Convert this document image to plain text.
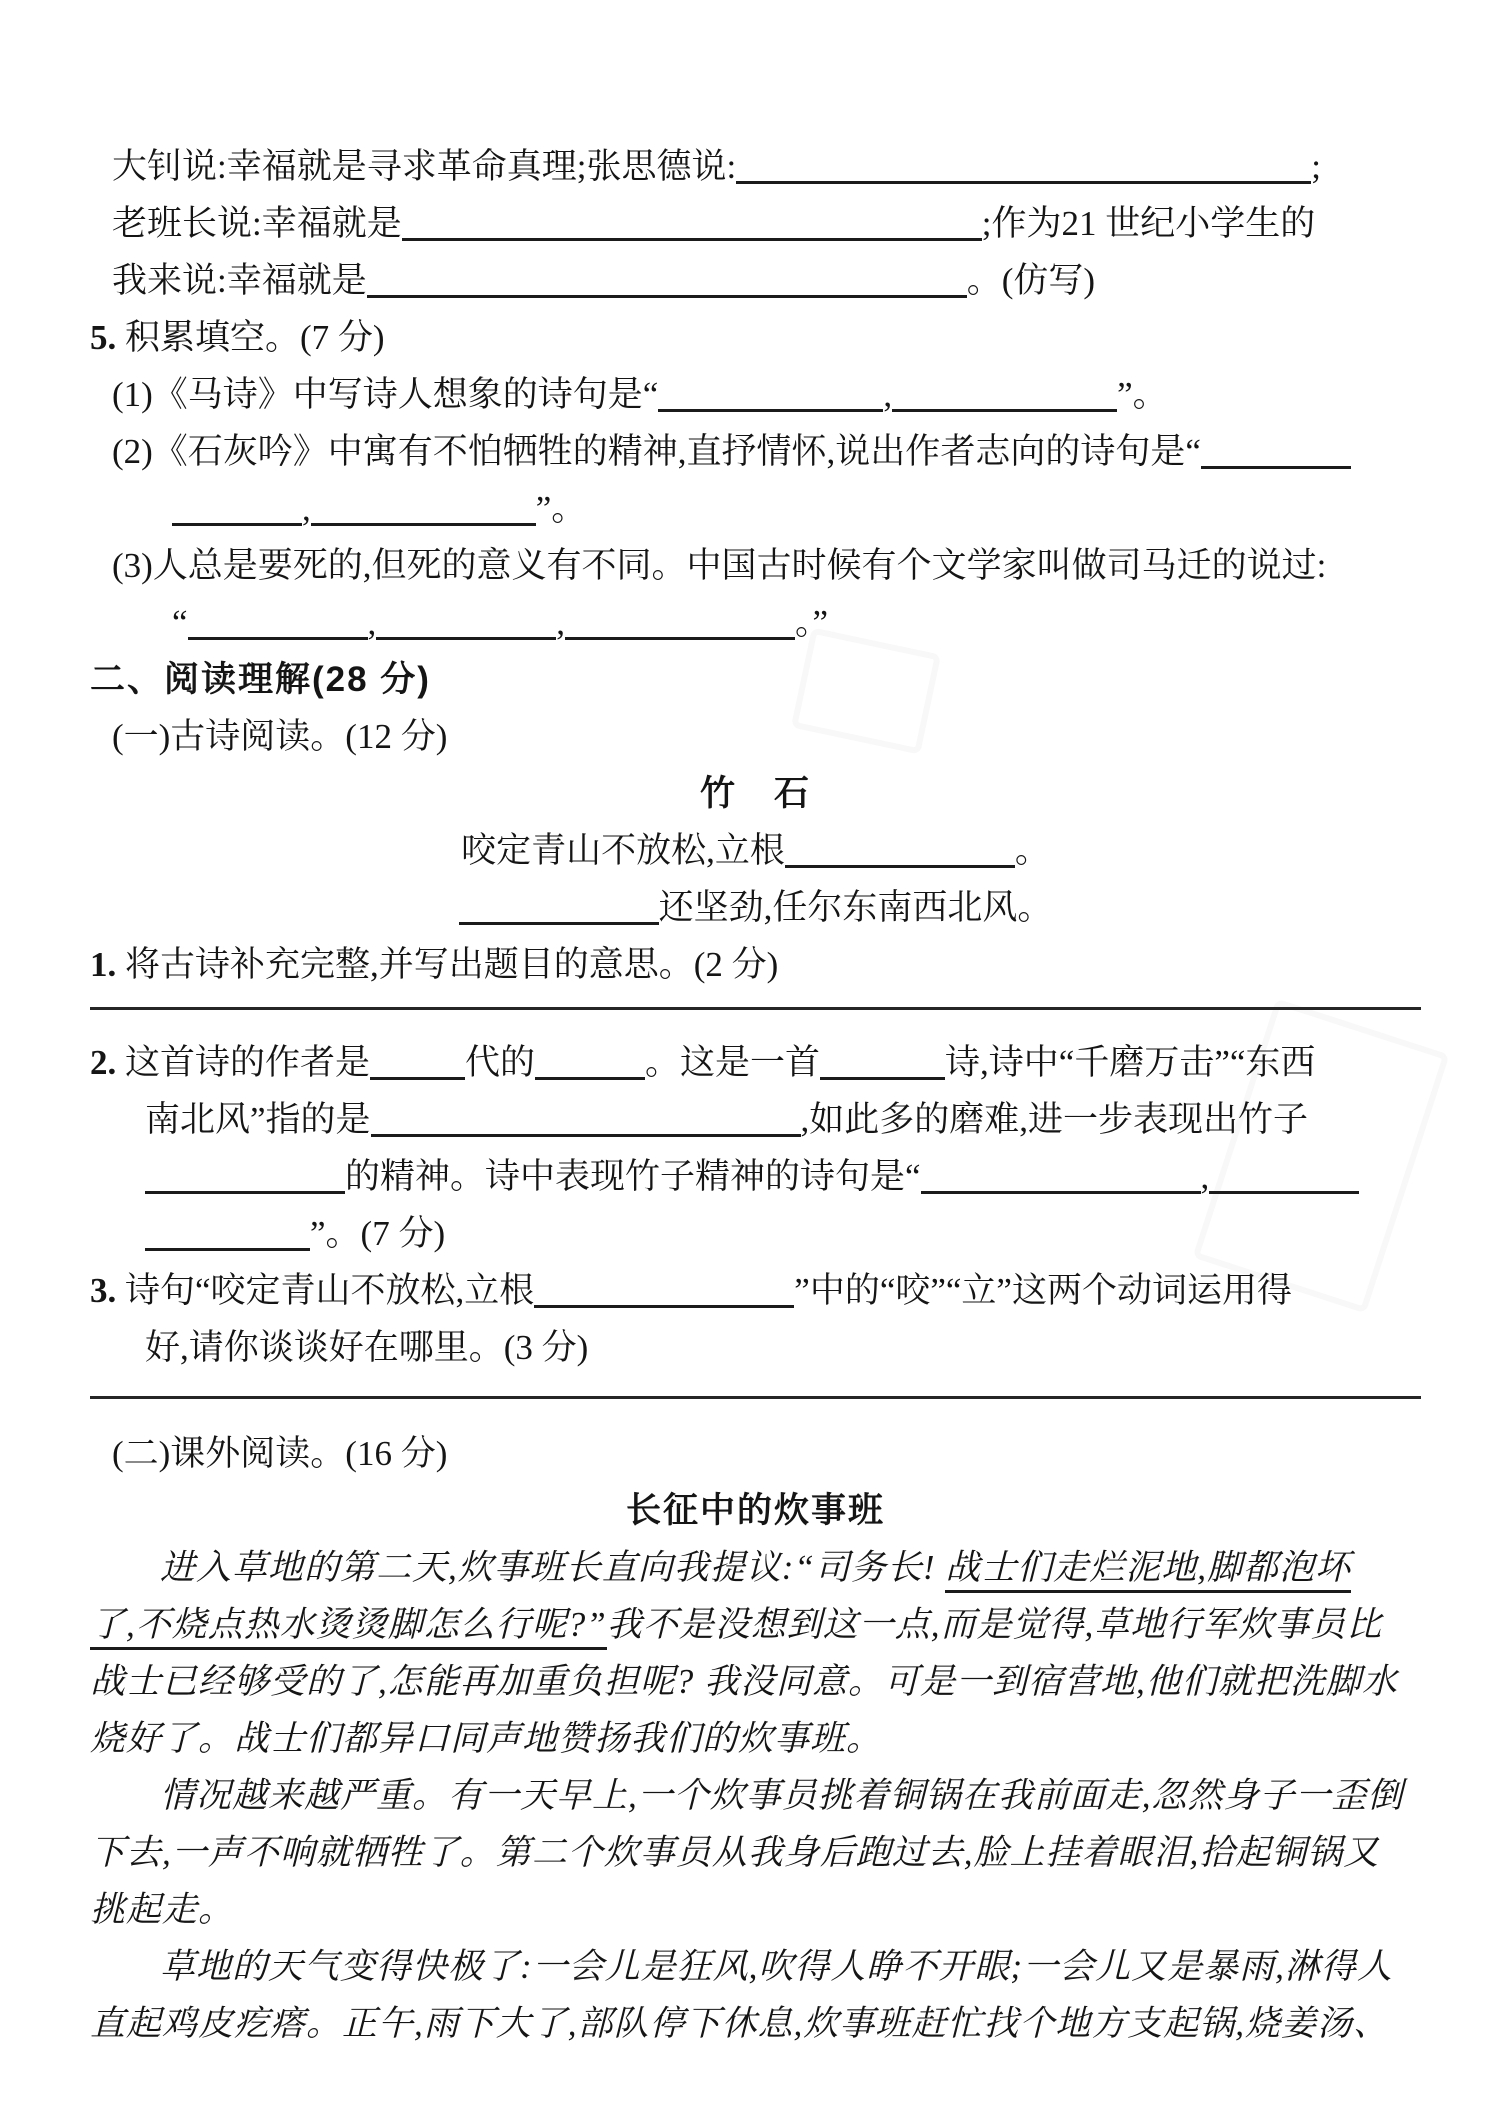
大钊说:幸福就是寻求革命真理;张思德说:	;
老班长说:幸福就是	;作为21 世纪小学生的
我来说:幸福就是	。(仿写)
5. 积累填空。(7 分)
(1)《马诗》中写诗人想象的诗句是“	,	”。
(2)《石灰吟》中寓有不怕牺牲的精神,直抒情怀,说出作者志向的诗句是“
,	”。
(3)人总是要死的,但死的意义有不同。中国古时候有个文学家叫做司马迁的说过:
“	,	,	。”
二、阅读理解(28 分)
(一)古诗阅读。(12 分)
竹　石
咬定青山不放松,立根	。
还坚劲,任尔东南西北风。
1. 将古诗补充完整,并写出题目的意思。(2 分)
2. 这首诗的作者是	代的	。这是一首	诗,诗中“千磨万击”“东西
南北风”指的是	,如此多的磨难,进一步表现出竹子
的精神。诗中表现竹子精神的诗句是“	,
”。(7 分)
3. 诗句“咬定青山不放松,立根	”中的“咬”“立”这两个动词运用得
好,请你谈谈好在哪里。(3 分)
(二)课外阅读。(16 分)
长征中的炊事班
进入草地的第二天,炊事班长直向我提议:“司务长! 战士们走烂泥地,脚都泡坏
了,不烧点热水烫烫脚怎么行呢?”我不是没想到这一点,而是觉得,草地行军炊事员比
战士已经够受的了,怎能再加重负担呢? 我没同意。可是一到宿营地,他们就把洗脚水
烧好了。战士们都异口同声地赞扬我们的炊事班。
情况越来越严重。有一天早上,一个炊事员挑着铜锅在我前面走,忽然身子一歪倒
下去,一声不响就牺牲了。第二个炊事员从我身后跑过去,脸上挂着眼泪,拾起铜锅又
挑起走。
草地的天气变得快极了:一会儿是狂风,吹得人睁不开眼;一会儿又是暴雨,淋得人
直起鸡皮疙瘩。正午,雨下大了,部队停下休息,炊事班赶忙找个地方支起锅,烧姜汤、
